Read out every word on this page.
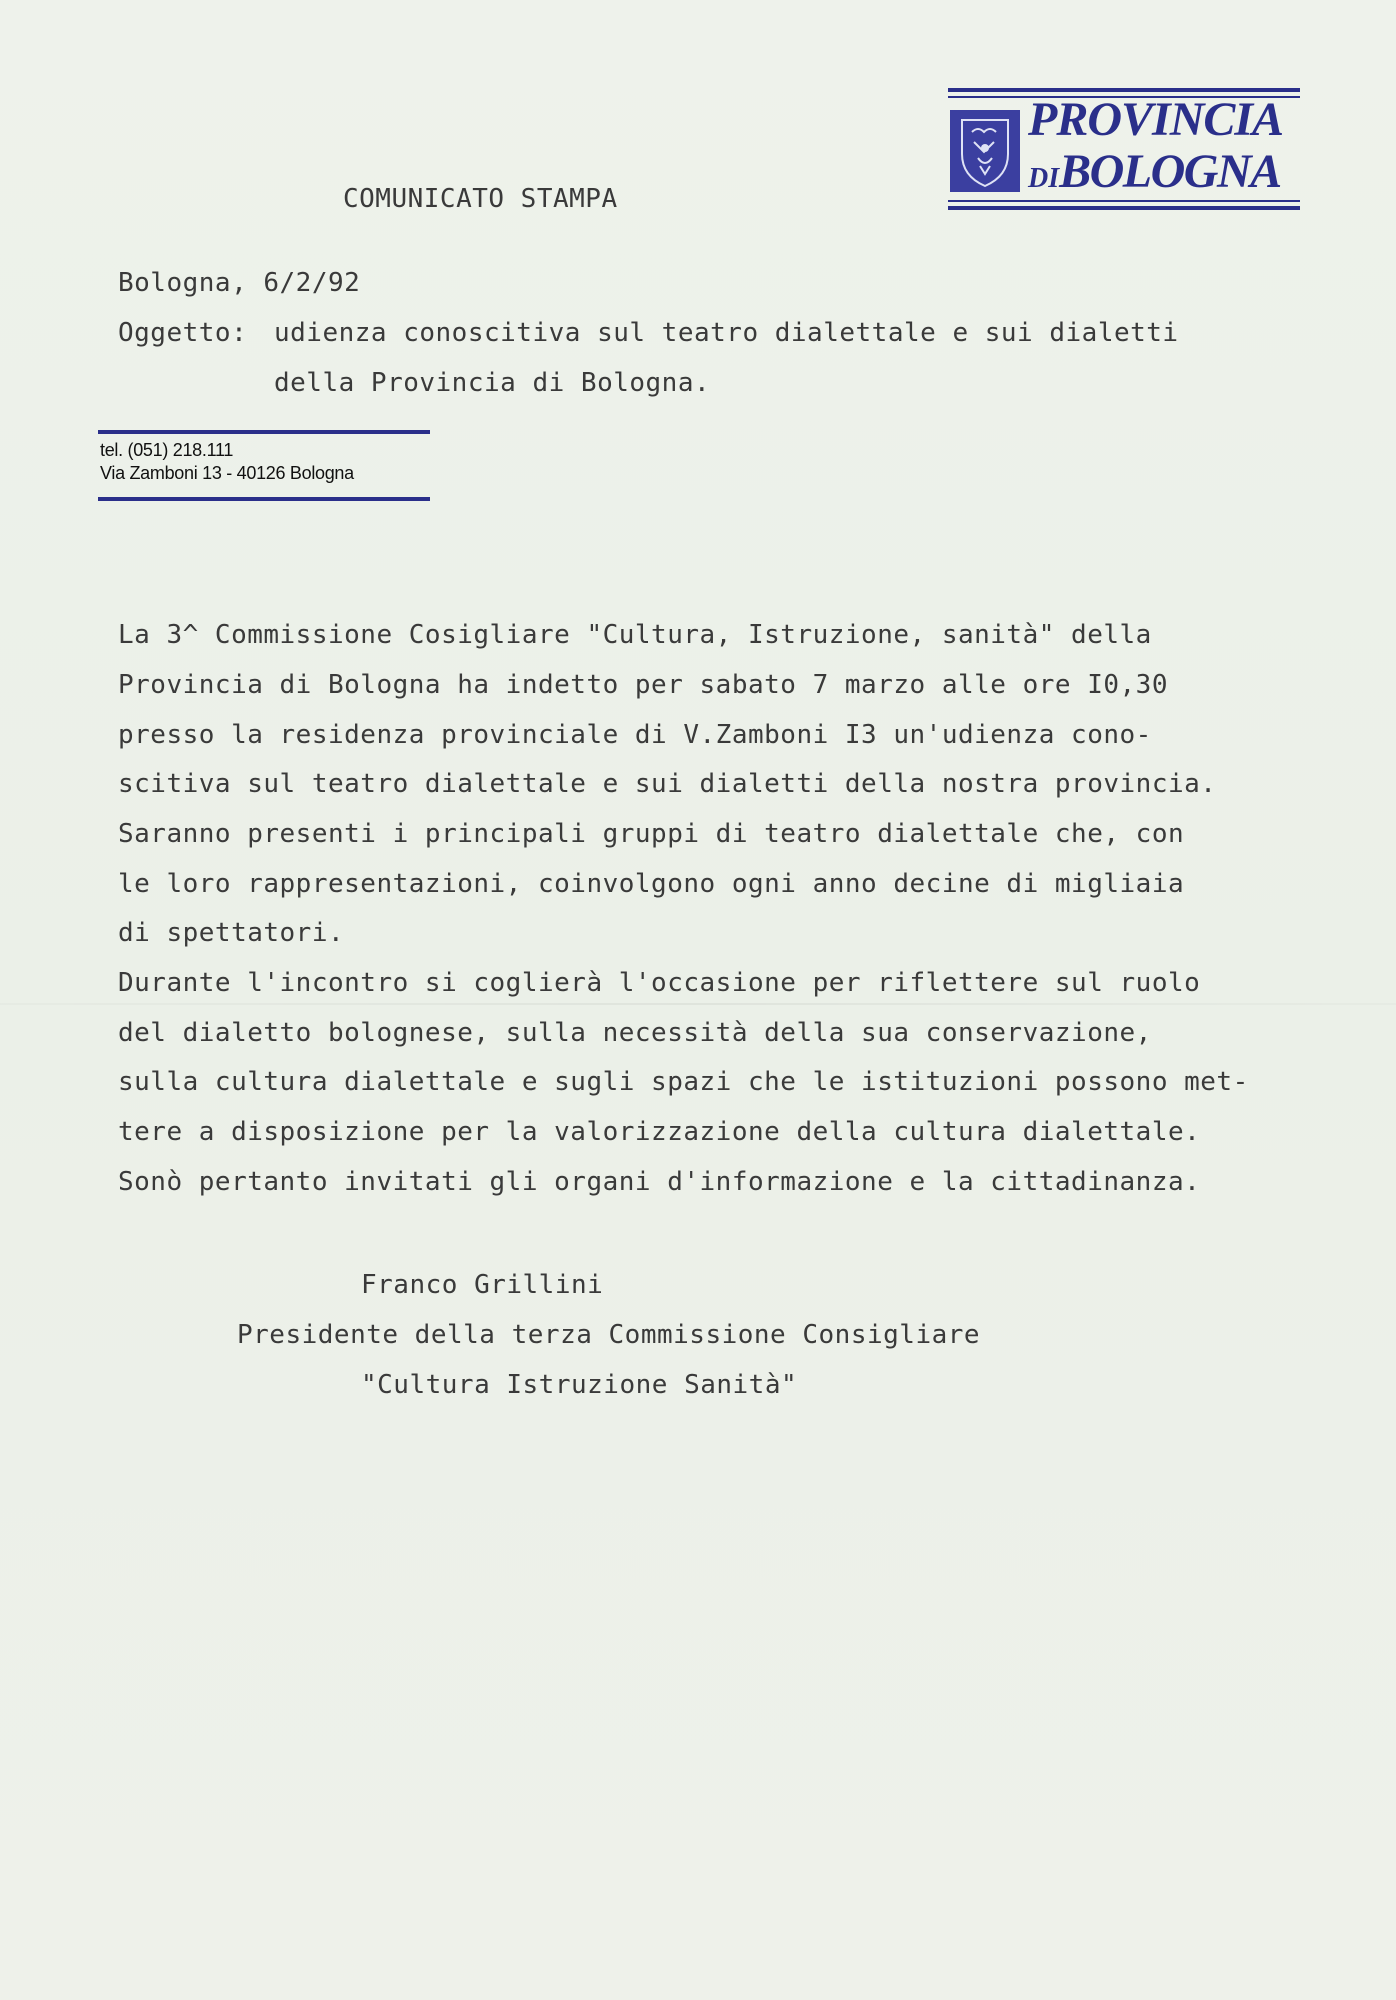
PROVINCIA
DIBOLOGNA
COMUNICATO STAMPA
Bologna, 6/2/92
Oggetto: udienza conoscitiva sul teatro dialettale e sui dialetti
della Provincia di Bologna.
tel. (051) 218.111
Via Zamboni 13 - 40126 Bologna
La 3^ Commissione Cosigliare "Cultura, Istruzione, sanità" della
Provincia di Bologna ha indetto per sabato 7 marzo alle ore I0,30
presso la residenza provinciale di V.Zamboni I3 un'udienza cono-
scitiva sul teatro dialettale e sui dialetti della nostra provincia.
Saranno presenti i principali gruppi di teatro dialettale che, con
le loro rappresentazioni, coinvolgono ogni anno decine di migliaia
di spettatori.
Durante l'incontro si coglierà l'occasione per riflettere sul ruolo
del dialetto bolognese, sulla necessità della sua conservazione,
sulla cultura dialettale e sugli spazi che le istituzioni possono met-
tere a disposizione per la valorizzazione della cultura dialettale.
Sonò pertanto invitati gli organi d'informazione e la cittadinanza.
Franco Grillini
Presidente della terza Commissione Consigliare
"Cultura Istruzione Sanità"
